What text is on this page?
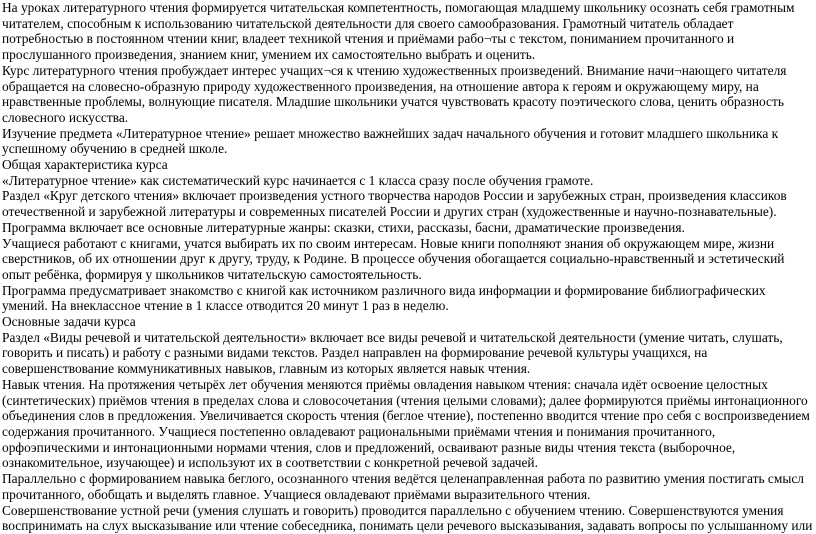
На уроках литературного чтения формируется читательская компетентность, помогающая младшему школьнику осознать себя грамотным читателем, способным к использованию читательской деятельности для своего самообразования. Грамотный читатель обладает потребностью в постоянном чтении книг, владеет техникой чтения и приёмами рабо¬ты с текстом, пониманием прочитанного и прослушанного произведения, знанием книг, умением их самостоятельно выбрать и оценить.

Курс литературного чтения пробуждает интерес учащих¬ся к чтению художественных произведений. Внимание начи¬нающего читателя обращается на словесно-образную природу художественного произведения, на отношение автора к героям и окружающему миру, на нравственные проблемы, волнующие писателя. Младшие школьники учатся чувствовать красоту поэтического слова, ценить образность словесного искусства.

Изучение предмета «Литературное чтение» решает множество важнейших задач начального обучения и готовит младшего школьника к успешному обучению в средней школе.

Общая характеристика курса

«Литературное чтение» как систематический курс начинается с 1 класса сразу после обучения грамоте.

Раздел «Круг детского чтения» включает произведения устного творчества народов России и зарубежных стран, произведения классиков отечественной и зарубежной литературы и современных писателей России и других стран (художественные и научно-познавательные). Программа включает все основные литературные жанры: сказки, стихи, рассказы, басни, драматические произведения.

Учащиеся работают с книгами, учатся выбирать их по своим интересам. Новые книги пополняют знания об окружающем мире, жизни сверстников, об их отношении друг к другу, труду, к Родине. В процессе обучения обогащается социально-нравственный и эстетический опыт ребёнка, формируя у школьников читательскую самостоятельность.

Программа предусматривает знакомство с книгой как источником различного вида информации и формирование библиографических умений. На внеклассное чтение в 1 классе отводится 20 минут 1 раз в неделю.

Основные задачи курса

Раздел «Виды речевой и читательской деятельности» включает все виды речевой и читательской деятельности (умение читать, слушать, говорить и писать) и работу с разными видами текстов. Раздел направлен на формирование речевой культуры учащихся, на совершенствование коммуникативных навыков, главным из которых является навык чтения.

Навык чтения. На протяжения четырёх лет обучения меняются приёмы овладения навыком чтения: сначала идёт освоение целостных (синтетических) приёмов чтения в пределах слова и словосочетания (чтения целыми словами); далее формируются приёмы интонационного объединения слов в предложения. Увеличивается скорость чтения (беглое чтение), постепенно вводится чтение про себя с воспроизведением содержания прочитанного. Учащиеся постепенно овладевают рациональными приёмами чтения и понимания прочитанного, орфоэпическими и интонационными нормами чтения, слов и предложений, осваивают разные виды чтения текста (выборочное, ознакомительное, изучающее) и используют их в соответствии с конкретной речевой задачей.

Параллельно с формированием навыка беглого, осознанного чтения ведётся целенаправленная работа по развитию умения постигать смысл прочитанного, обобщать и выделять главное. Учащиеся овладевают приёмами выразительного чтения.

Совершенствование устной речи (умения слушать и говорить) проводится параллельно с обучением чтению. Совершенствуются умения воспринимать на слух высказывание или чтение собеседника, понимать цели речевого высказывания, задавать вопросы по услышанному или
